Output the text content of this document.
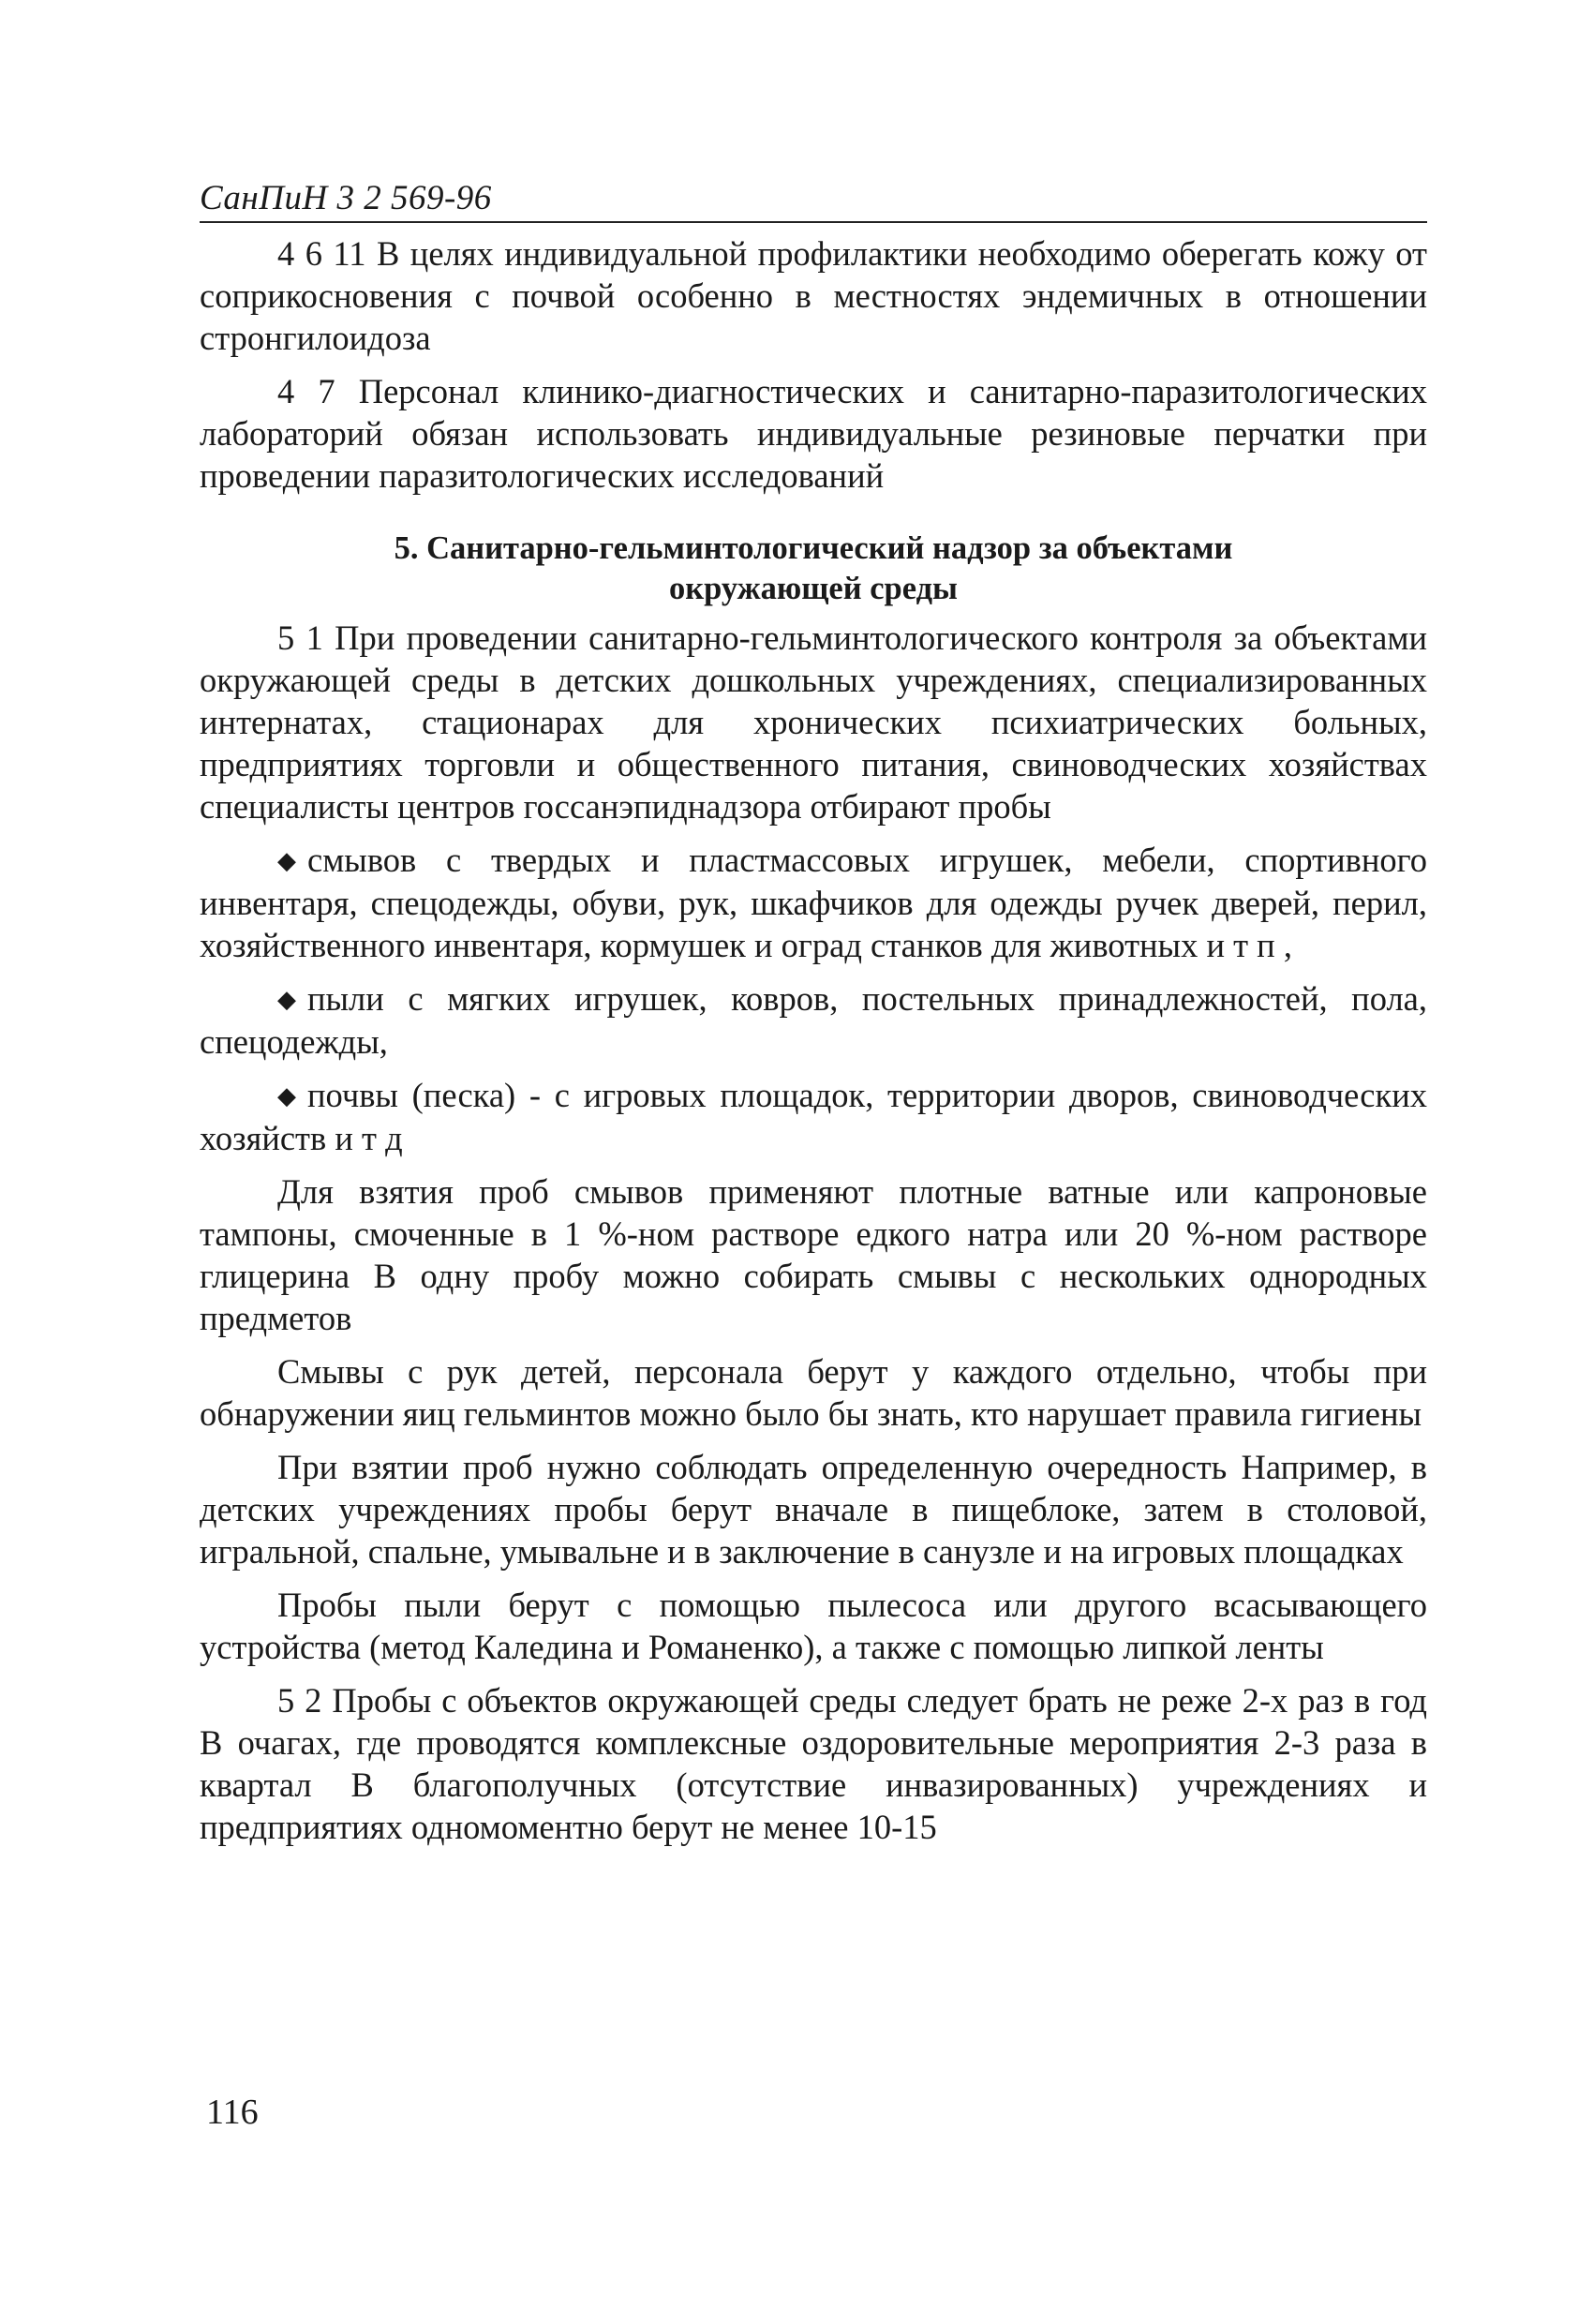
СанПиН 3 2 569-96

4 6 11 В целях индивидуальной профилактики необходимо оберегать кожу от соприкосновения с почвой особенно в местностях эндемичных в отношении стронгилоидоза

4 7 Персонал клинико-диагностических и санитарно-паразитологических лабораторий обязан использовать индивидуальные резиновые перчатки при проведении паразитологических исследований

5. Санитарно-гельминтологический надзор за объектами
окружающей среды

5 1 При проведении санитарно-гельминтологического контроля за объектами окружающей среды в детских дошкольных учреждениях, специализированных интернатах, стационарах для хронических психиатрических больных, предприятиях торговли и общественного питания, свиноводческих хозяйствах специалисты центров госсанэпиднадзора отбирают пробы

◆ смывов с твердых и пластмассовых игрушек, мебели, спортивного инвентаря, спецодежды, обуви, рук, шкафчиков для одежды ручек дверей, перил, хозяйственного инвентаря, кормушек и оград станков для животных и т п ,

◆ пыли с мягких игрушек, ковров, постельных принадлежностей, пола, спецодежды,

◆ почвы (песка) - с игровых площадок, территории дворов, свиноводческих хозяйств и т д

Для взятия проб смывов применяют плотные ватные или капроновые тампоны, смоченные в 1 %-ном растворе едкого натра или 20 %-ном растворе глицерина В одну пробу можно собирать смывы с нескольких однородных предметов

Смывы с рук детей, персонала берут у каждого отдельно, чтобы при обнаружении яиц гельминтов можно было бы знать, кто нарушает правила гигиены

При взятии проб нужно соблюдать определенную очередность Например, в детских учреждениях пробы берут вначале в пищеблоке, затем в столовой, игральной, спальне, умывальне и в заключение в санузле и на игровых площадках

Пробы пыли берут с помощью пылесоса или другого всасывающего устройства (метод Каледина и Романенко), а также с помощью липкой ленты

5 2 Пробы с объектов окружающей среды следует брать не реже 2-х раз в год В очагах, где проводятся комплексные оздоровительные мероприятия 2-3 раза в квартал В благополучных (отсутствие инвазированных) учреждениях и предприятиях одномоментно берут не менее 10-15

116
